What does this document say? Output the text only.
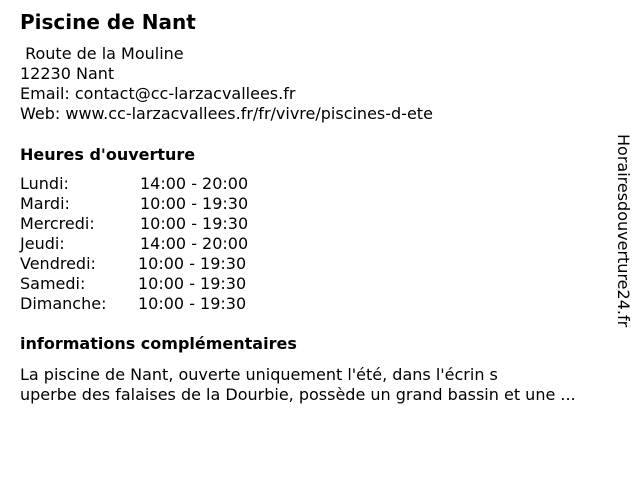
Piscine de Nant
Route de la Mouline
12230 Nant
Email: contact@cc-larzacvallees.fr
Web: www.cc-larzacvallees.fr/fr/vivre/piscines-d-ete
Heures d'ouverture
Lundi:	14:00 - 20:00
Mardi:	10:00 - 19:30
Mercredi:	10:00 - 19:30
Jeudi:	14:00 - 20:00
Vendredi:	10:00 - 19:30
Samedi:	10:00 - 19:30
Dimanche: 10:00 - 19:30
informations complémentaires
La piscine de Nant, ouverte uniquement l'été, dans l'écrin s
uperbe des falaises de la Dourbie, possède un grand bassin et une ...
Horairesdouverture24.fr
